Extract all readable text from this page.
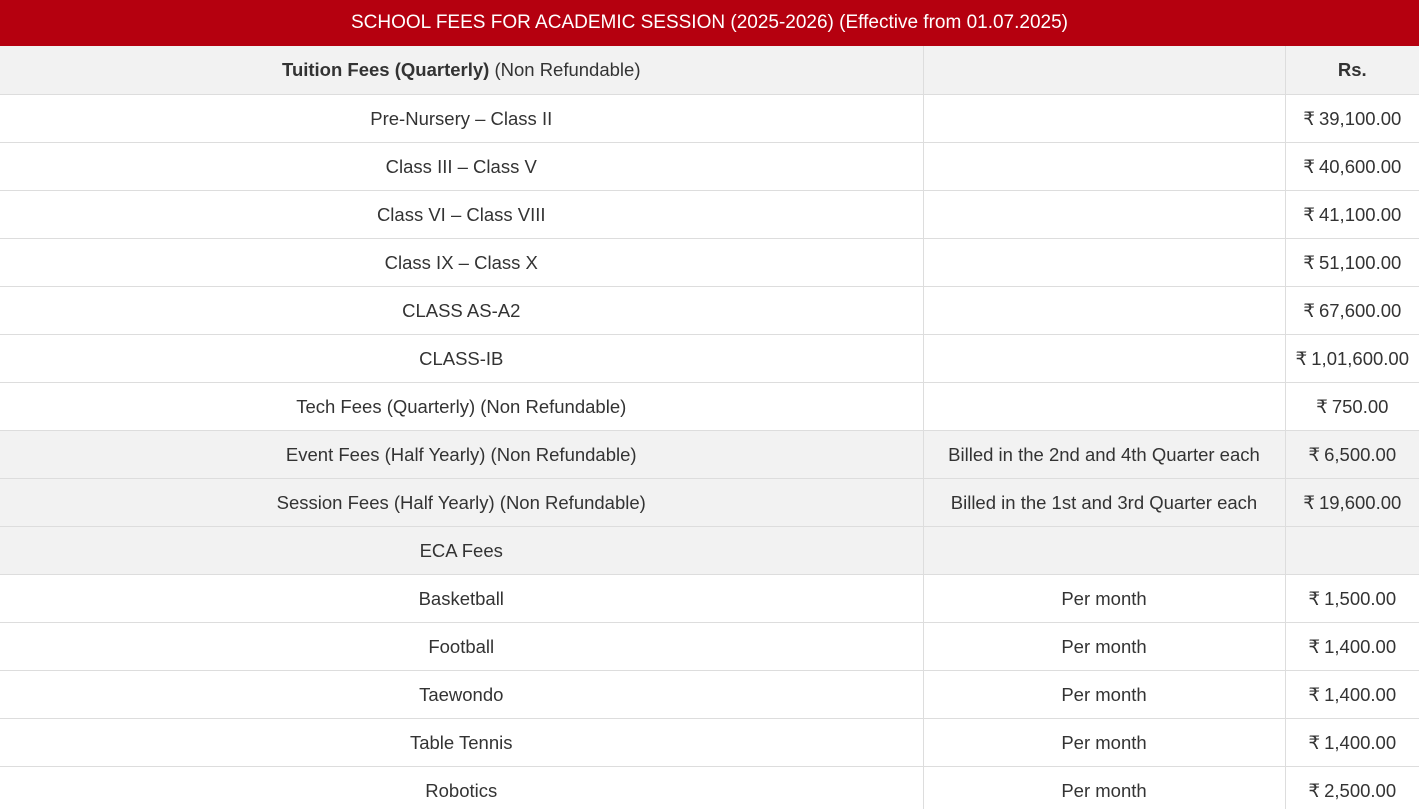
SCHOOL FEES FOR ACADEMIC SESSION (2025-2026) (Effective from 01.07.2025)
Tuition Fees (Quarterly) (Non Refundable)		Rs.
Pre-Nursery – Class II		₹ 39,100.00
Class III – Class V		₹ 40,600.00
Class VI – Class VIII		₹ 41,100.00
Class IX – Class X		₹ 51,100.00
CLASS AS-A2		₹ 67,600.00
CLASS-IB		₹ 1,01,600.00
Tech Fees (Quarterly) (Non Refundable)		₹ 750.00
Event Fees (Half Yearly) (Non Refundable)	Billed in the 2nd and 4th Quarter each	₹ 6,500.00
Session Fees (Half Yearly) (Non Refundable)	Billed in the 1st and 3rd Quarter each	₹ 19,600.00
ECA Fees		
Basketball	Per month	₹ 1,500.00
Football	Per month	₹ 1,400.00
Taewondo	Per month	₹ 1,400.00
Table Tennis	Per month	₹ 1,400.00
Robotics	Per month	₹ 2,500.00
